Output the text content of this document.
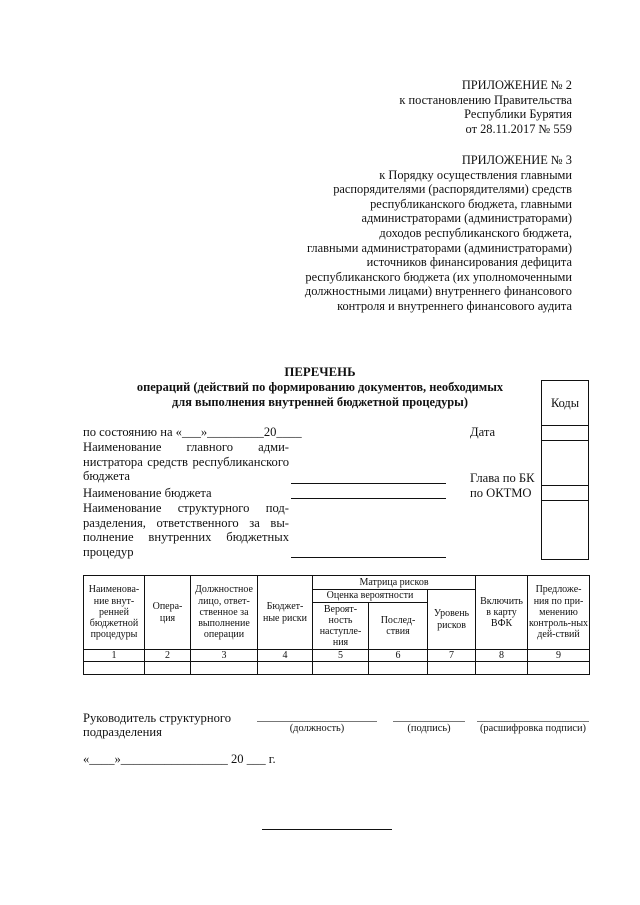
ПРИЛОЖЕНИЕ № 2
к постановлению Правительства
Республики Бурятия
от 28.11.2017 № 559
ПРИЛОЖЕНИЕ № 3
к Порядку осуществления главными
распорядителями (распорядителями) средств
республиканского бюджета, главными
администраторами (администраторами)
доходов республиканского бюджета,
главными администраторами (администраторами)
источников финансирования дефицита
республиканского бюджета (их уполномоченными
должностными лицами) внутреннего финансового
контроля и внутреннего финансового аудита
ПЕРЕЧЕНЬ
операций (действий по формированию документов, необходимых
для выполнения внутренней бюджетной процедуры)	Коды
по состоянию на «___»_________20____
Наименование главного адми-
нистратора средств республиканского
бюджета
Наименование бюджета
Наименование структурного под-
разделения, ответственного за вы-
полнение внутренних бюджетных
процедур
Дата
Глава по БК
по ОКТМО
Наименова-ние внут-ренней бюджетной процедуры	Опера-ция	Должностное лицо, ответ-ственное за выполнение операции	Бюджет-ные риски	Матрица рисков			Включить в карту ВФК	Предложе-ния по при-менению контроль-ных дей-ствий
				Оценка вероятности		Уровень рисков		
				Вероят-ность наступле-ния	Послед-ствия			
1	2	3	4	5	6	7	8	9

Руководитель структурного
подразделения	(должность)	(подпись)	(расшифровка подписи)
«____»_________________ 20 ___ г.
